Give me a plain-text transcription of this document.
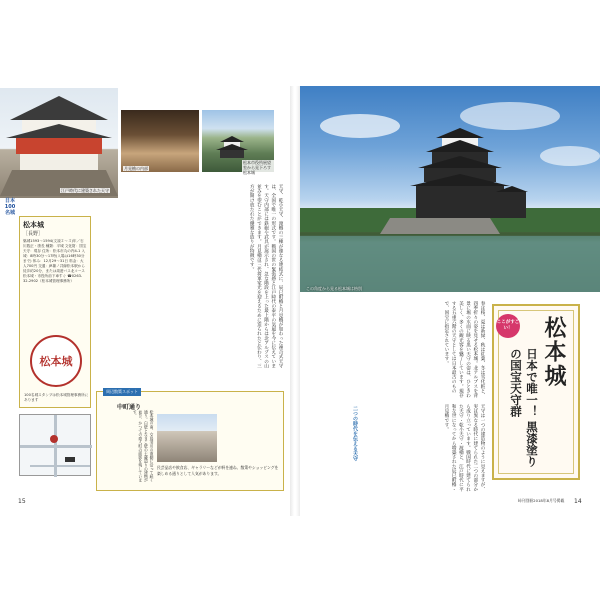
江戸時代に建築された天守
月見櫓の内部
松本市役所展望室から見下ろす松本城
日本 100 名城
松本城
［長野］
築城1593～1594(文禄２～３)年／石川数正・康長 種類：平城 文化財：国宝 天守：現存 住所：松本市丸の内4-1 入城：8時30分～17時(入場は16時30分まで) 休み：12月29～31日 料金：大人700円 交通：JR篠ノ井線松本駅から徒歩約20分、または周遊バス北コース松本城・市役所前下車すぐ ☎0263-32-2902（松本城管理事務所）
松本城
100名城スタンプは松本城管理事務所にあります
天守、乾小天守、渡櫓の三棟が連なる連結式に、辰巳附櫓と月見櫓が加わった複合式天守は、全国で唯一の形式です。戦国の世の緊張感と江戸時代の泰平の気風を今に伝えています。天守内部には鉄砲や武具が展示され、急な階段を上った最上階からは北アルプスの山並みを望むことができます。月見櫓は三代将軍家光を迎えるために造られたと伝わり、三方が開け放たれた優雅な造りが特徴です。
周辺散策スポット
中町通り
松本城の南、女鳥羽川の南側に沿って続く通り。白壁となまこ壁の土蔵造りの建物が並び、かつての商人町の面影を残しています。
民芸品店や飲食店、ギャラリーなどが軒を連ね、散策やショッピングを楽しめる通りとして人気があります。
15
この角度から見る松本城は格別
春は桜、夏は新緑、秋は紅葉、冬は雪化粧と、四季折々の姿を見せる松本城。北アルプスを背景に堀の水面に映る黒い天守の姿は、ひときわ美しく、多くの観光客を魅了しています。現存する五重六階の天守としては日本最古のもので、国宝に指定されています。
二つの時代を伝える天守	天守は一つの建造物のように見えますが、実は異なる時代に建てられた二つの部分から成り立っています。戦国時代に建てられた天守・乾小天守・渡櫓と、江戸時代に平和な世になってから増築された辰巳附櫓・月見櫓です。
ここがすごい！	松本城
日本で唯一！ 黒漆塗りの国宝天守群
峠刊別冊2018年8月号掲載 14
